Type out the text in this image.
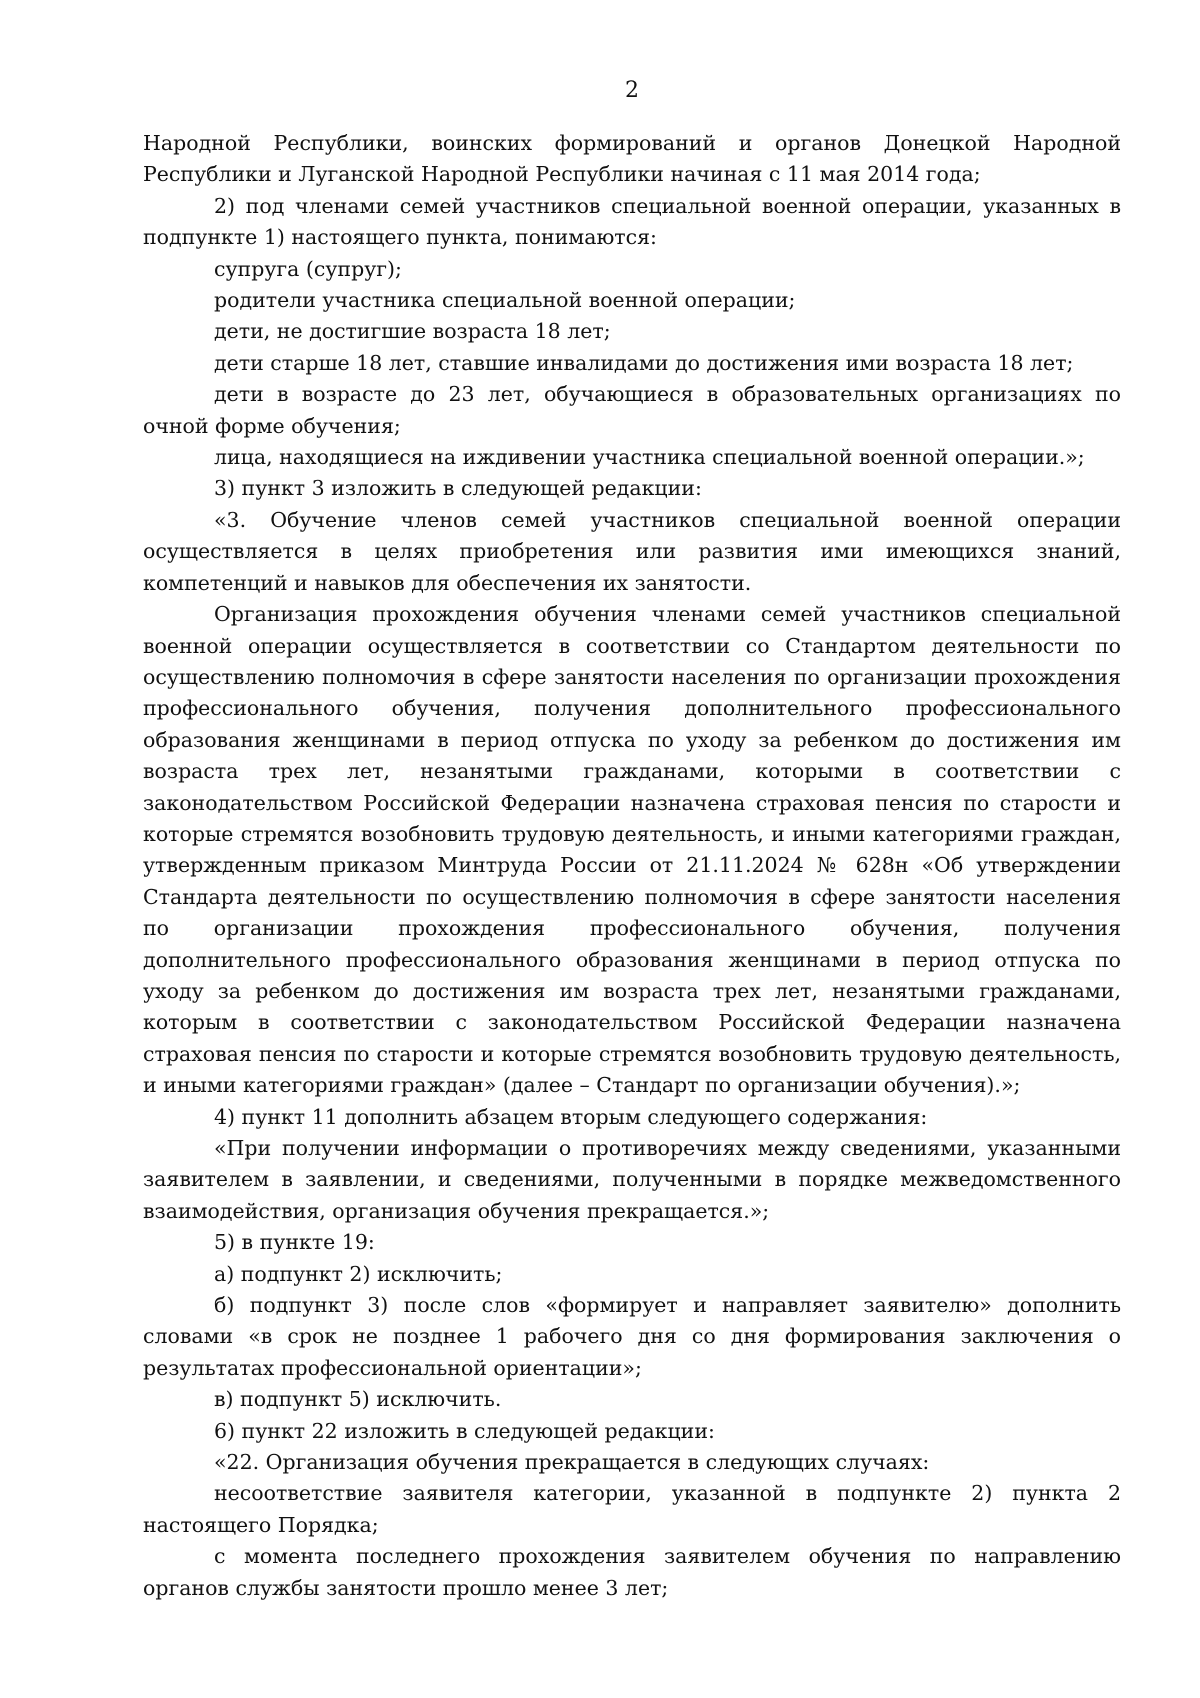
2

Народной Республики, воинских формирований и органов Донецкой Народной Республики и Луганской Народной Республики начиная с 11 мая 2014 года;

2) под членами семей участников специальной военной операции, указанных в подпункте 1) настоящего пункта, понимаются:

супруга (супруг);

родители участника специальной военной операции;

дети, не достигшие возраста 18 лет;

дети старше 18 лет, ставшие инвалидами до достижения ими возраста 18 лет;

дети в возрасте до 23 лет, обучающиеся в образовательных организациях по очной форме обучения;

лица, находящиеся на иждивении участника специальной военной операции.»;

3) пункт 3 изложить в следующей редакции:

«3. Обучение членов семей участников специальной военной операции осуществляется в целях приобретения или развития ими имеющихся знаний, компетенций и навыков для обеспечения их занятости.

Организация прохождения обучения членами семей участников специальной военной операции осуществляется в соответствии со Стандартом деятельности по осуществлению полномочия в сфере занятости населения по организации прохождения профессионального обучения, получения дополнительного профессионального образования женщинами в период отпуска по уходу за ребенком до достижения им возраста трех лет, незанятыми гражданами, которыми в соответствии с законодательством Российской Федерации назначена страховая пенсия по старости и которые стремятся возобновить трудовую деятельность, и иными категориями граждан, утвержденным приказом Минтруда России от 21.11.2024 № 628н «Об утверждении Стандарта деятельности по осуществлению полномочия в сфере занятости населения по организации прохождения профессионального обучения, получения дополнительного профессионального образования женщинами в период отпуска по уходу за ребенком до достижения им возраста трех лет, незанятыми гражданами, которым в соответствии с законодательством Российской Федерации назначена страховая пенсия по старости и которые стремятся возобновить трудовую деятельность, и иными категориями граждан» (далее – Стандарт по организации обучения).»;

4) пункт 11 дополнить абзацем вторым следующего содержания:

«При получении информации о противоречиях между сведениями, указанными заявителем в заявлении, и сведениями, полученными в порядке межведомственного взаимодействия, организация обучения прекращается.»;

5) в пункте 19:

а) подпункт 2) исключить;

б) подпункт 3) после слов «формирует и направляет заявителю» дополнить словами «в срок не позднее 1 рабочего дня со дня формирования заключения о результатах профессиональной ориентации»;

в) подпункт 5) исключить.

6) пункт 22 изложить в следующей редакции:

«22. Организация обучения прекращается в следующих случаях:

несоответствие заявителя категории, указанной в подпункте 2) пункта 2 настоящего Порядка;

с момента последнего прохождения заявителем обучения по направлению органов службы занятости прошло менее 3 лет;
